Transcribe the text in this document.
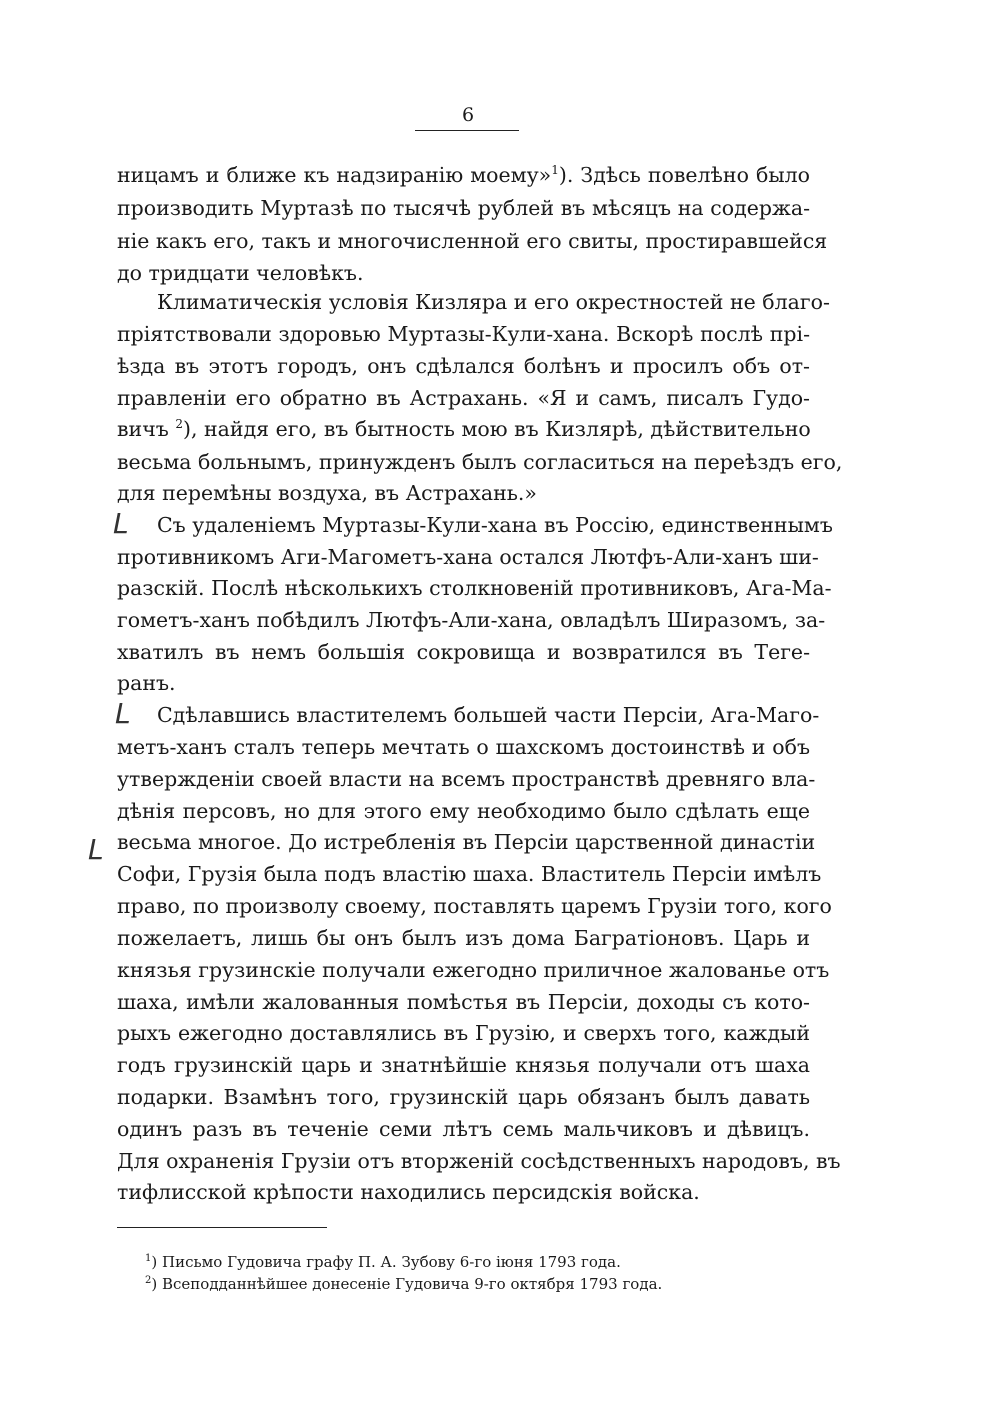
6
ницамъ и ближе къ надзиранію моему»$^1$). Здѣсь повелѣно было
производить Муртазѣ по тысячѣ рублей въ мѣсяцъ на содержа-
ніе какъ его, такъ и многочисленной его свиты, простиравшейся
до тридцати человѣкъ.
Климатическія условія Кизляра и его окрестностей не благо-
пріятствовали здоровью Муртазы-Кули-хана. Вскорѣ послѣ прі-
ѣзда въ этотъ городъ, онъ сдѣлался болѣнъ и просилъ объ от-
правленіи его обратно въ Астрахань. «Я и самъ, писалъ Гудо-
вичъ $^2$), найдя его, въ бытность мою въ Кизлярѣ, дѣйствительно
весьма больнымъ, принужденъ былъ согласиться на переѣздъ его,
для перемѣны воздуха, въ Астрахань.»
L Съ удаленіемъ Муртазы-Кули-хана въ Россію, единственнымъ
противникомъ Аги-Магометъ-хана остался Лютфъ-Али-ханъ ши-
разскій. Послѣ нѣсколькихъ столкновеній противниковъ, Ага-Ма-
гометъ-ханъ побѣдилъ Лютфъ-Али-хана, овладѣлъ Ширазомъ, за-
хватилъ въ немъ большія сокровища и возвратился въ Теге-
ранъ.
L Сдѣлавшись властителемъ большей части Персіи, Ага-Маго-
метъ-ханъ сталъ теперь мечтать о шахскомъ достоинствѣ и объ
утвержденіи своей власти на всемъ пространствѣ древняго вла-
дѣнія персовъ, но для этого ему необходимо было сдѣлать еще
L весьма многое. До истребленія въ Персіи царственной династіи
Софи, Грузія была подъ властію шаха. Властитель Персіи имѣлъ
право, по произволу своему, поставлять царемъ Грузіи того, кого
пожелаетъ, лишь бы онъ былъ изъ дома Багратіоновъ. Царь и
князья грузинскіе получали ежегодно приличное жалованье отъ
шаха, имѣли жалованныя помѣстья въ Персіи, доходы съ кото-
рыхъ ежегодно доставлялись въ Грузію, и сверхъ того, каждый
годъ грузинскій царь и знатнѣйшіе князья получали отъ шаха
подарки. Взамѣнъ того, грузинскій царь обязанъ былъ давать
одинъ разъ въ теченіе семи лѣтъ семь мальчиковъ и дѣвицъ.
Для охраненія Грузіи отъ вторженій сосѣдственныхъ народовъ, въ
тифлисской крѣпости находились персидскія войска.
$^1$) Письмо Гудовича графу П. А. Зубову 6-го іюня 1793 года.
$^2$) Всеподданнѣйшее донесеніе Гудовича 9-го октября 1793 года.
